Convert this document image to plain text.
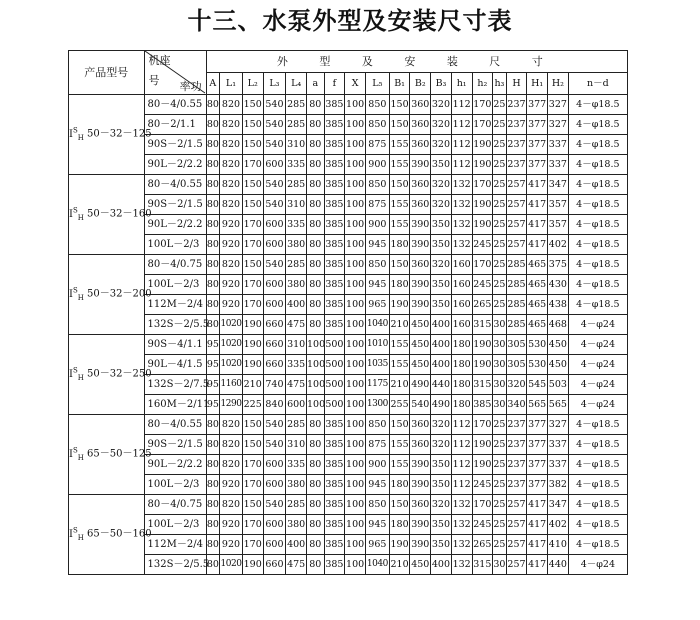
十三、水泵外型及安装尺寸表
产品型号	机座
号 率功	外 型 及 安 装 尺 寸																		
		A	L₁	L₂	L₃	L₄	a	f	X	L₅	B₁	B₂	B₃	h₁	h₂	h₃	H	H₁	H₂	n－d
$I^S_H$ 50－32－125	80－4/0.55	80	820	150	540	285	80	385	100	850	150	360	320	112	170	25	237	377	327	4－φ18.5
	80－2/1.1	80	820	150	540	285	80	385	100	850	150	360	320	112	170	25	237	377	327	4－φ18.5
	90S－2/1.5	80	820	150	540	310	80	385	100	875	155	360	320	112	190	25	237	377	337	4－φ18.5
	90L－2/2.2	80	820	170	600	335	80	385	100	900	155	390	350	112	190	25	237	377	337	4－φ18.5
$I^S_H$ 50－32－160	80－4/0.55	80	820	150	540	285	80	385	100	850	150	360	320	132	170	25	257	417	347	4－φ18.5
	90S－2/1.5	80	820	150	540	310	80	385	100	875	155	360	320	132	190	25	257	417	357	4－φ18.5
	90L－2/2.2	80	920	170	600	335	80	385	100	900	155	390	350	132	190	25	257	417	357	4－φ18.5
	100L－2/3	80	920	170	600	380	80	385	100	945	180	390	350	132	245	25	257	417	402	4－φ18.5
$I^S_H$ 50－32－200	80－4/0.75	80	820	150	540	285	80	385	100	850	150	360	320	160	170	25	285	465	375	4－φ18.5
	100L－2/3	80	920	170	600	380	80	385	100	945	180	390	350	160	245	25	285	465	430	4－φ18.5
	112M－2/4	80	920	170	600	400	80	385	100	965	190	390	350	160	265	25	285	465	438	4－φ18.5
	132S－2/5.5	80	1020	190	660	475	80	385	100	1040	210	450	400	160	315	30	285	465	468	4－φ24
$I^S_H$ 50－32－250	90S－4/1.1	95	1020	190	660	310	100	500	100	1010	155	450	400	180	190	30	305	530	450	4－φ24
	90L－4/1.5	95	1020	190	660	335	100	500	100	1035	155	450	400	180	190	30	305	530	450	4－φ24
	132S－2/7.5	95	1160	210	740	475	100	500	100	1175	210	490	440	180	315	30	320	545	503	4－φ24
	160M－2/11	95	1290	225	840	600	100	500	100	1300	255	540	490	180	385	30	340	565	565	4－φ24
$I^S_H$ 65－50－125	80－4/0.55	80	820	150	540	285	80	385	100	850	150	360	320	112	170	25	237	377	327	4－φ18.5
	90S－2/1.5	80	820	150	540	310	80	385	100	875	155	360	320	112	190	25	237	377	337	4－φ18.5
	90L－2/2.2	80	820	170	600	335	80	385	100	900	155	390	350	112	190	25	237	377	337	4－φ18.5
	100L－2/3	80	920	170	600	380	80	385	100	945	180	390	350	112	245	25	237	377	382	4－φ18.5
$I^S_H$ 65－50－160	80－4/0.75	80	820	150	540	285	80	385	100	850	150	360	320	132	170	25	257	417	347	4－φ18.5
	100L－2/3	80	920	170	600	380	80	385	100	945	180	390	350	132	245	25	257	417	402	4－φ18.5
	112M－2/4	80	920	170	600	400	80	385	100	965	190	390	350	132	265	25	257	417	410	4－φ18.5
	132S－2/5.5	80	1020	190	660	475	80	385	100	1040	210	450	400	132	315	30	257	417	440	4－φ24
